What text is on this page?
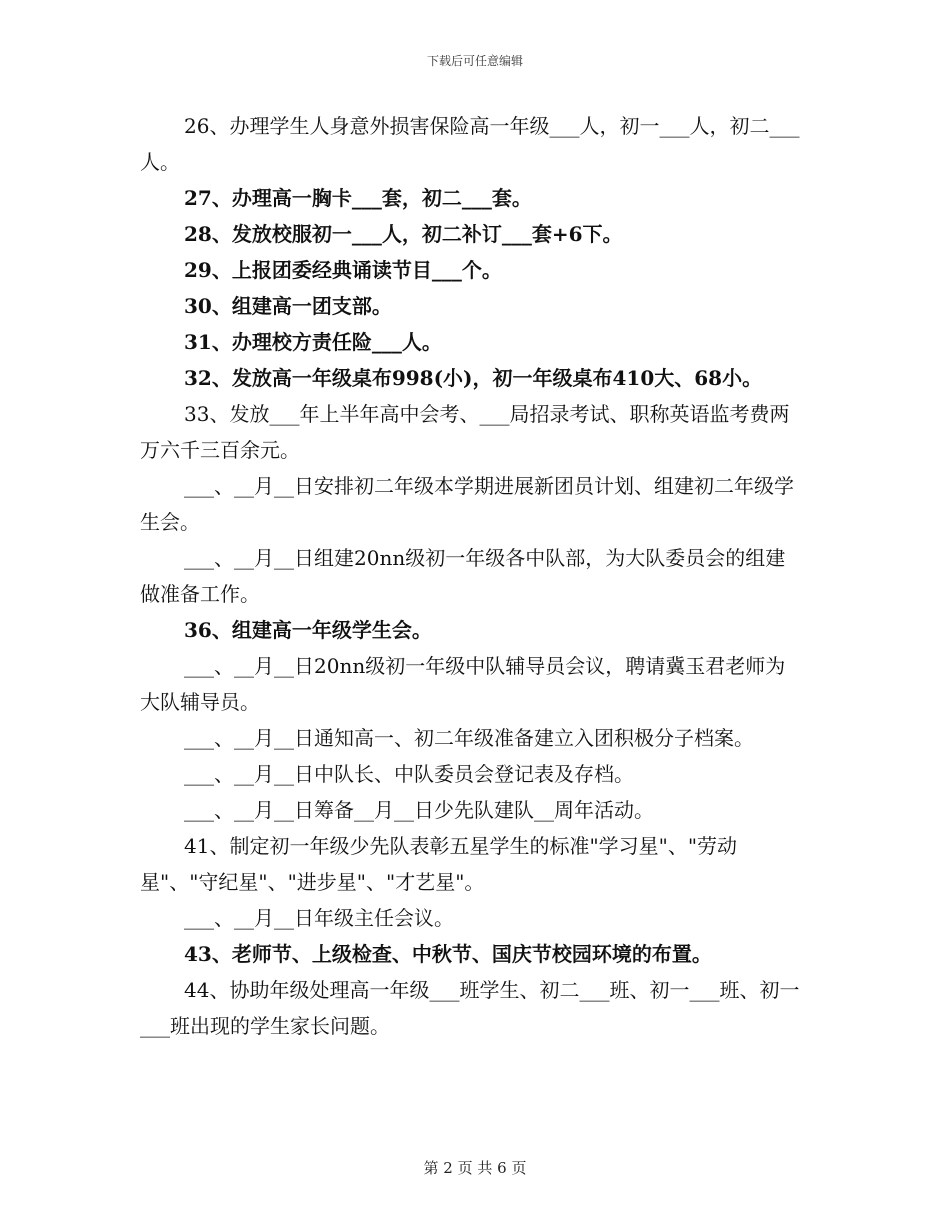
下载后可任意编辑

26、办理学生人身意外损害保险高一年级___人，初一___人，初二___人。

27、办理高一胸卡___套，初二___套。

28、发放校服初一___人，初二补订___套+6下。

29、上报团委经典诵读节目___个。

30、组建高一团支部。

31、办理校方责任险___人。

32、发放高一年级桌布998(小)，初一年级桌布410大、68小。

33、发放___年上半年高中会考、___局招录考试、职称英语监考费两万六千三百余元。

___、__月__日安排初二年级本学期进展新团员计划、组建初二年级学生会。

___、__月__日组建20nn级初一年级各中队部，为大队委员会的组建做准备工作。

36、组建高一年级学生会。

___、__月__日20nn级初一年级中队辅导员会议，聘请冀玉君老师为大队辅导员。

___、__月__日通知高一、初二年级准备建立入团积极分子档案。

___、__月__日中队长、中队委员会登记表及存档。

___、__月__日筹备__月__日少先队建队__周年活动。

41、制定初一年级少先队表彰五星学生的标准"学习星"、"劳动星"、"守纪星"、"进步星"、"才艺星"。

___、__月__日年级主任会议。

43、老师节、上级检查、中秋节、国庆节校园环境的布置。

44、协助年级处理高一年级___班学生、初二___班、初一___班、初一___班出现的学生家长问题。

第 2 页 共 6 页
